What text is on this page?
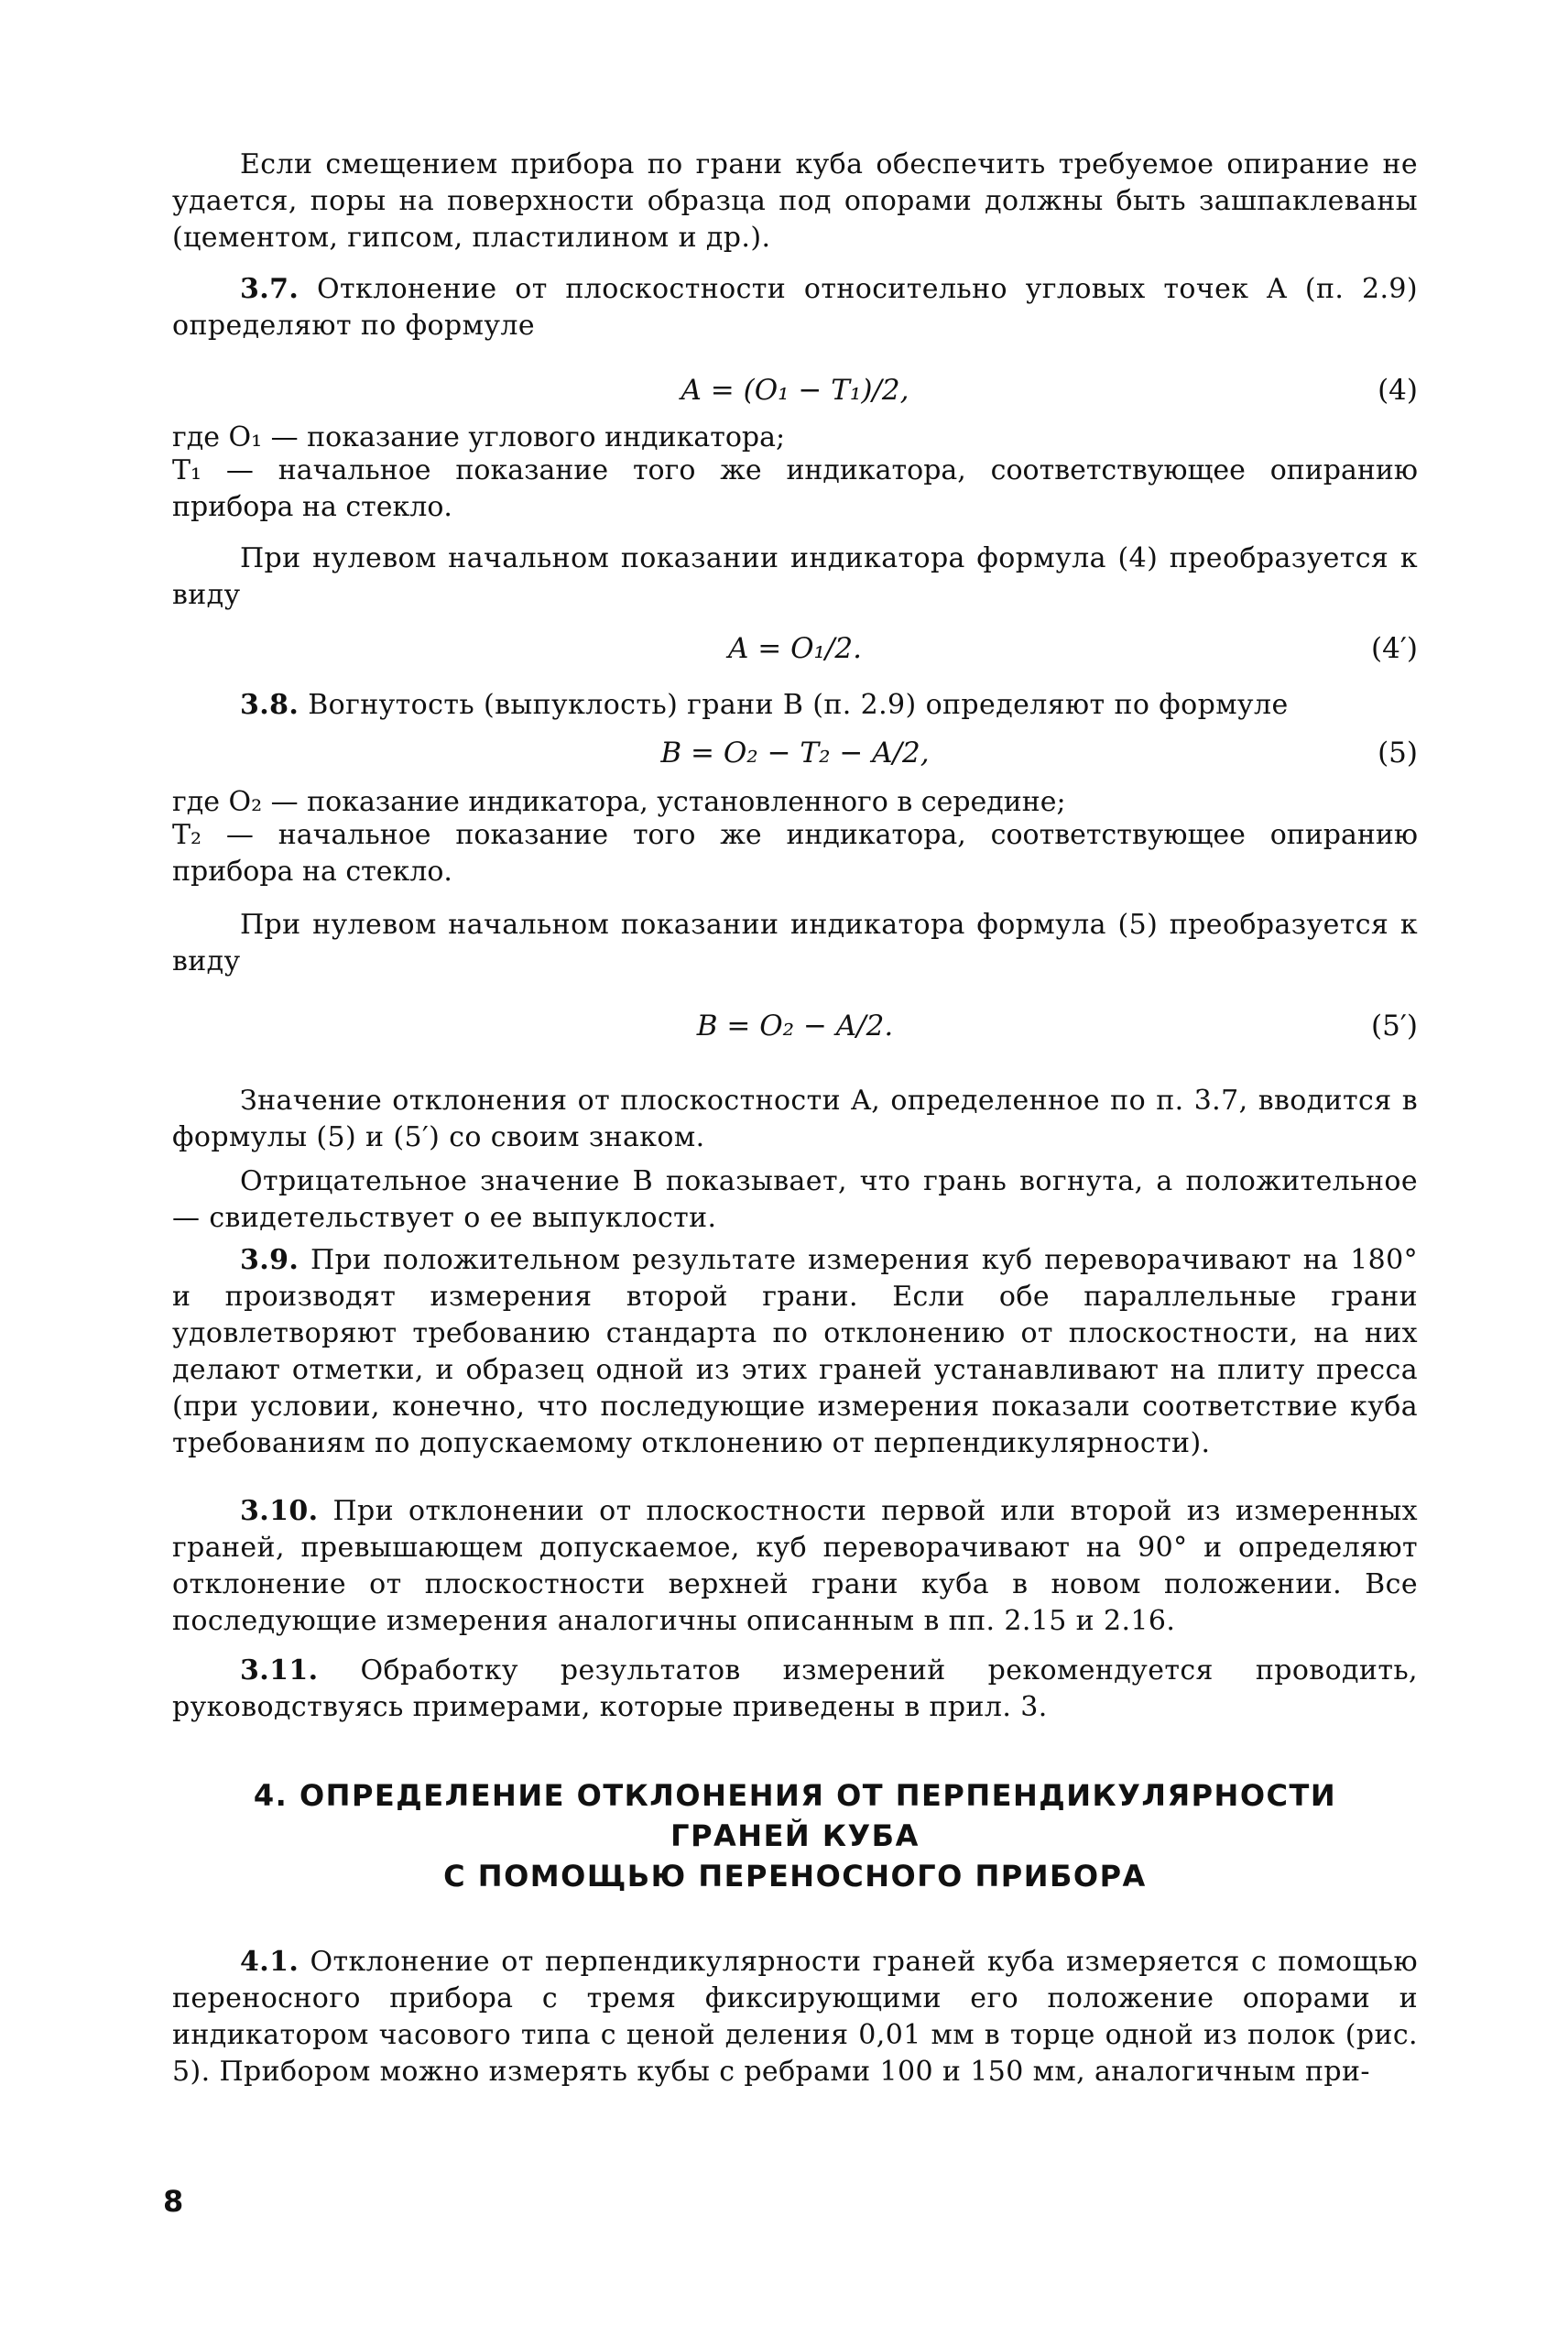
Если смещением прибора по грани куба обеспечить требуемое опирание не удается, поры на поверхности образца под опорами должны быть зашпаклеваны (цементом, гипсом, пластилином и др.).

3.7. Отклонение от плоскостности относительно угловых точек A (п. 2.9) определяют по формуле

A = (O₁ − T₁)/2,	(4)

где O₁ — показание углового индикатора;

T₁ — начальное показание того же индикатора, соответствующее опиранию прибора на стекло.

При нулевом начальном показании индикатора формула (4) преобразуется к виду

A = O₁/2.	(4′)

3.8. Вогнутость (выпуклость) грани B (п. 2.9) определяют по формуле

B = O₂ − T₂ − A/2,	(5)

где O₂ — показание индикатора, установленного в середине;

T₂ — начальное показание того же индикатора, соответствующее опиранию прибора на стекло.

При нулевом начальном показании индикатора формула (5) преобразуется к виду

B = O₂ − A/2.	(5′)

Значение отклонения от плоскостности A, определенное по п. 3.7, вводится в формулы (5) и (5′) со своим знаком.

Отрицательное значение B показывает, что грань вогнута, а положительное — свидетельствует о ее выпуклости.

3.9. При положительном результате измерения куб переворачивают на 180° и производят измерения второй грани. Если обе параллельные грани удовлетворяют требованию стандарта по отклонению от плоскостности, на них делают отметки, и образец одной из этих граней устанавливают на плиту пресса (при условии, конечно, что последующие измерения показали соответствие куба требованиям по допускаемому отклонению от перпендикулярности).

3.10. При отклонении от плоскостности первой или второй из измеренных граней, превышающем допускаемое, куб переворачивают на 90° и определяют отклонение от плоскостности верхней грани куба в новом положении. Все последующие измерения аналогичны описанным в пп. 2.15 и 2.16.

3.11. Обработку результатов измерений рекомендуется проводить, руководствуясь примерами, которые приведены в прил. 3.

4. ОПРЕДЕЛЕНИЕ ОТКЛОНЕНИЯ ОТ ПЕРПЕНДИКУЛЯРНОСТИ
ГРАНЕЙ КУБА
С ПОМОЩЬЮ ПЕРЕНОСНОГО ПРИБОРА

4.1. Отклонение от перпендикулярности граней куба измеряется с помощью переносного прибора с тремя фиксирующими его положение опорами и индикатором часового типа с ценой деления 0,01 мм в торце одной из полок (рис. 5). Прибором можно измерять кубы с ребрами 100 и 150 мм, аналогичным при-

8
